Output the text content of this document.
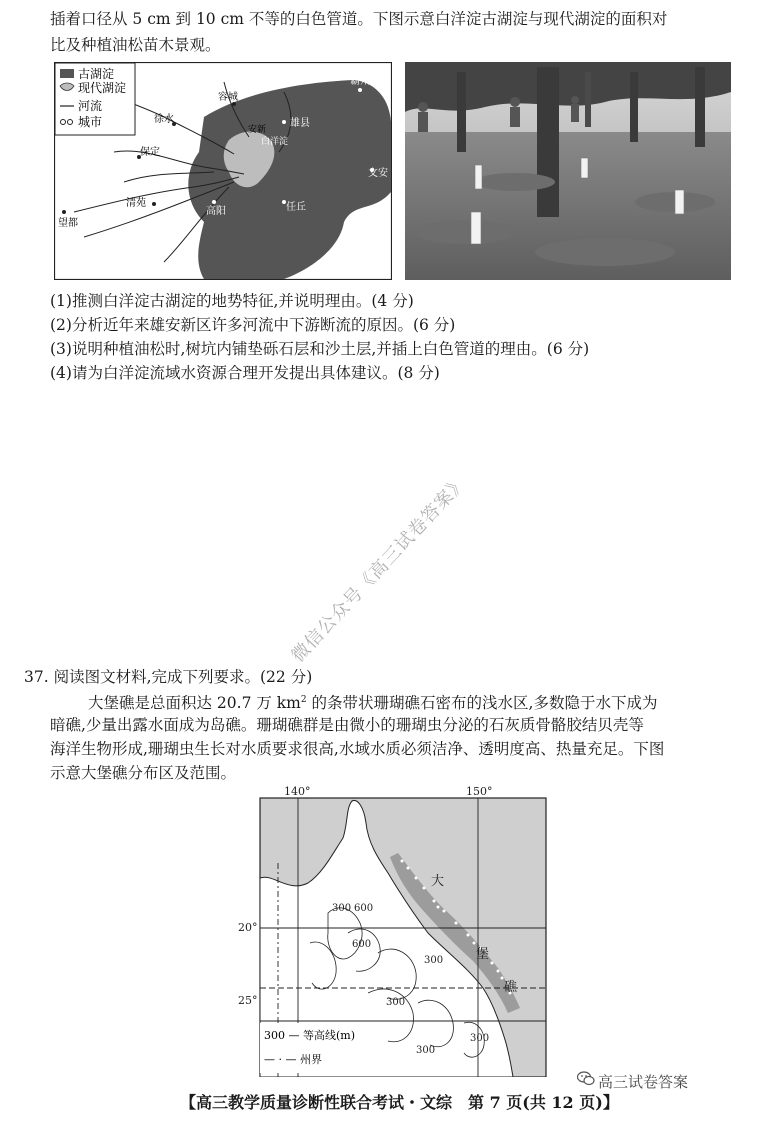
插着口径从 5 cm 到 10 cm 不等的白色管道。下图示意白洋淀古湖淀与现代湖淀的面积对
比及种植油松苗木景观。
古湖淀
现代湖淀
河流
城市
霸州
容城
安新
雄县
徐水
保定
文安
白洋淀
清苑
高阳	任丘
望都
(1)推测白洋淀古湖淀的地势特征,并说明理由。(4 分)
(2)分析近年来雄安新区许多河流中下游断流的原因。(6 分)
(3)说明种植油松时,树坑内铺垫砾石层和沙土层,并插上白色管道的理由。(6 分)
(4)请为白洋淀流域水资源合理开发提出具体建议。(8 分)
微信公众号《高三试卷答案》
37. 阅读图文材料,完成下列要求。(22 分)
大堡礁是总面积达 20.7 万 $km^2$ 的条带状珊瑚礁石密布的浅水区,多数隐于水下成为
暗礁,少量出露水面成为岛礁。珊瑚礁群是由微小的珊瑚虫分泌的石灰质骨骼胶结贝壳等
海洋生物形成,珊瑚虫生长对水质要求很高,水域水质必须洁净、透明度高、热量充足。下图
示意大堡礁分布区及范围。
140°	150°
20°
25°
大
堡
礁
300 600
600
300
300
300
300
300 — 等高线(m)
— · — 州界
高三试卷答案
【高三教学质量诊断性联合考试・文综　第 7 页(共 12 页)】
